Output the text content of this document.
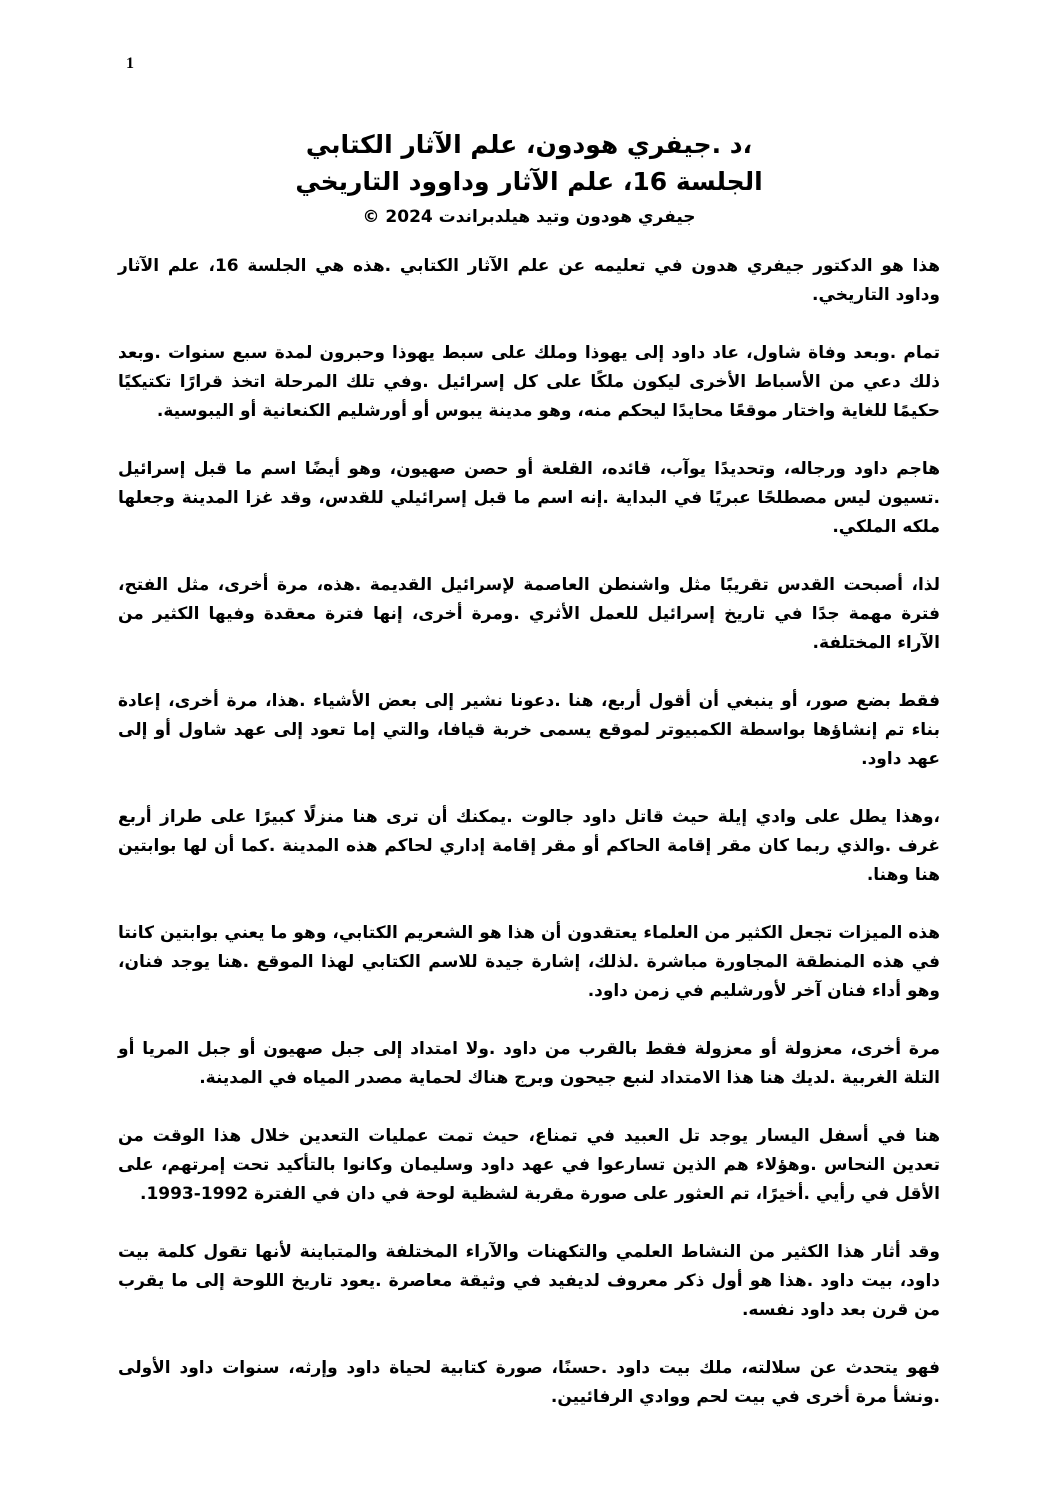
1
،د .جيفري هودون، علم الآثار الكتابي
الجلسة 16، علم الآثار وداوود التاريخي
جيفري هودون وتيد هيلدبراندت 2024 ©

هذا هو الدكتور جيفري هدون في تعليمه عن علم الآثار الكتابي .هذه هي الجلسة 16، علم الآثار وداود التاريخي.

تمام .وبعد وفاة شاول، عاد داود إلى يهوذا وملك على سبط يهوذا وحبرون لمدة سبع سنوات .وبعد ذلك دعي من الأسباط الأخرى ليكون ملكًا على كل إسرائيل .وفي تلك المرحلة اتخذ قرارًا تكتيكيًا حكيمًا للغاية واختار موقعًا محايدًا ليحكم منه، وهو مدينة يبوس أو أورشليم الكنعانية أو اليبوسية.

هاجم داود ورجاله، وتحديدًا يوآب، قائده، القلعة أو حصن صهيون، وهو أيضًا اسم ما قبل إسرائيل .تسيون ليس مصطلحًا عبريًا في البداية .إنه اسم ما قبل إسرائيلي للقدس، وقد غزا المدينة وجعلها ملكه الملكي.

لذا، أصبحت القدس تقريبًا مثل واشنطن العاصمة لإسرائيل القديمة .هذه، مرة أخرى، مثل الفتح، فترة مهمة جدًا في تاريخ إسرائيل للعمل الأثري .ومرة أخرى، إنها فترة معقدة وفيها الكثير من الآراء المختلفة.

فقط بضع صور، أو ينبغي أن أقول أربع، هنا .دعونا نشير إلى بعض الأشياء .هذا، مرة أخرى، إعادة بناء تم إنشاؤها بواسطة الكمبيوتر لموقع يسمى خربة قيافا، والتي إما تعود إلى عهد شاول أو إلى عهد داود.

،وهذا يطل على وادي إيلة حيث قاتل داود جالوت .يمكنك أن ترى هنا منزلًا كبيرًا على طراز أربع غرف .والذي ربما كان مقر إقامة الحاكم أو مقر إقامة إداري لحاكم هذه المدينة .كما أن لها بوابتين هنا وهنا.

هذه الميزات تجعل الكثير من العلماء يعتقدون أن هذا هو الشعريم الكتابي، وهو ما يعني بوابتين كانتا في هذه المنطقة المجاورة مباشرة .لذلك، إشارة جيدة للاسم الكتابي لهذا الموقع .هنا يوجد فنان، وهو أداء فنان آخر لأورشليم في زمن داود.

مرة أخرى، معزولة أو معزولة فقط بالقرب من داود .ولا امتداد إلى جبل صهيون أو جبل المريا أو التلة الغربية .لديك هنا هذا الامتداد لنبع جيحون وبرج هناك لحماية مصدر المياه في المدينة.

هنا في أسفل اليسار يوجد تل العبيد في تمناع، حيث تمت عمليات التعدين خلال هذا الوقت من تعدين النحاس .وهؤلاء هم الذين تسارعوا في عهد داود وسليمان وكانوا بالتأكيد تحت إمرتهم، على الأقل في رأيي .أخيرًا، تم العثور على صورة مقربة لشظية لوحة في دان في الفترة 1992-1993.

وقد أثار هذا الكثير من النشاط العلمي والتكهنات والآراء المختلفة والمتباينة لأنها تقول كلمة بيت داود، بيت داود .هذا هو أول ذكر معروف لديفيد في وثيقة معاصرة .يعود تاريخ اللوحة إلى ما يقرب من قرن بعد داود نفسه.

فهو يتحدث عن سلالته، ملك بيت داود .حسنًا، صورة كتابية لحياة داود وإرثه، سنوات داود الأولى .ونشأ مرة أخرى في بيت لحم ووادي الرفائيين.
